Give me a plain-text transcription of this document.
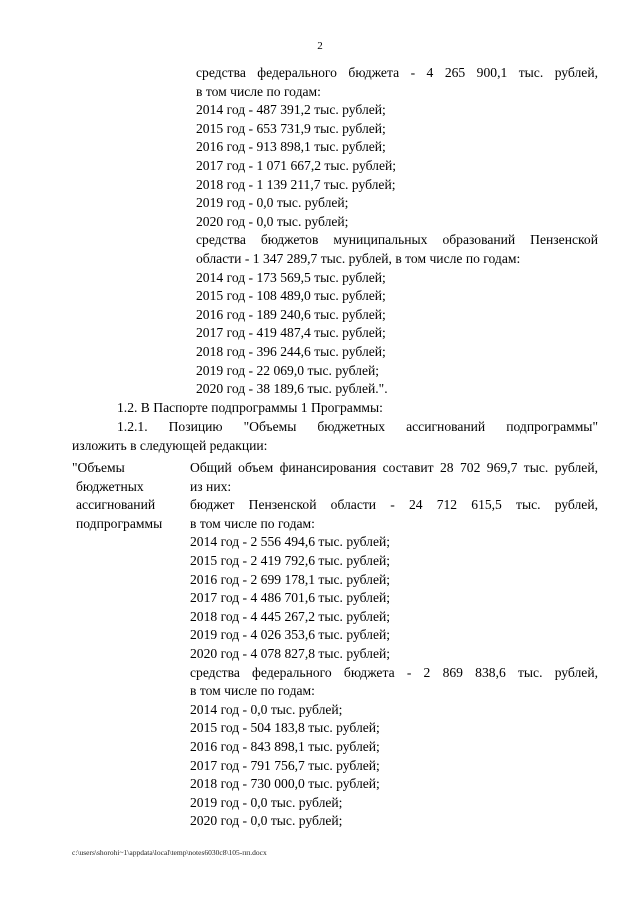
2
средства федерального бюджета - 4 265 900,1 тыс. рублей,
в том числе по годам:
2014 год - 487 391,2 тыс. рублей;
2015 год - 653 731,9 тыс. рублей;
2016 год - 913 898,1 тыс. рублей;
2017 год - 1 071 667,2 тыс. рублей;
2018 год - 1 139 211,7 тыс. рублей;
2019 год - 0,0 тыс. рублей;
2020 год - 0,0 тыс. рублей;
средства бюджетов муниципальных образований Пензенской
области - 1 347 289,7 тыс. рублей, в том числе по годам:
2014 год - 173 569,5 тыс. рублей;
2015 год - 108 489,0 тыс. рублей;
2016 год - 189 240,6 тыс. рублей;
2017 год - 419 487,4 тыс. рублей;
2018 год - 396 244,6 тыс. рублей;
2019 год - 22 069,0 тыс. рублей;
2020 год - 38 189,6 тыс. рублей.".
1.2. В Паспорте подпрограммы 1 Программы:
1.2.1. Позицию "Объемы бюджетных ассигнований подпрограммы"
изложить в следующей редакции:
"Объемы
бюджетных
ассигнований
подпрограммы
Общий объем финансирования составит 28 702 969,7 тыс. рублей,
из них:
бюджет Пензенской области - 24 712 615,5 тыс. рублей,
в том числе по годам:
2014 год - 2 556 494,6 тыс. рублей;
2015 год - 2 419 792,6 тыс. рублей;
2016 год - 2 699 178,1 тыс. рублей;
2017 год - 4 486 701,6 тыс. рублей;
2018 год - 4 445 267,2 тыс. рублей;
2019 год - 4 026 353,6 тыс. рублей;
2020 год - 4 078 827,8 тыс. рублей;
средства федерального бюджета - 2 869 838,6 тыс. рублей,
в том числе по годам:
2014 год - 0,0 тыс. рублей;
2015 год - 504 183,8 тыс. рублей;
2016 год - 843 898,1 тыс. рублей;
2017 год - 791 756,7 тыс. рублей;
2018 год - 730 000,0 тыс. рублей;
2019 год - 0,0 тыс. рублей;
2020 год - 0,0 тыс. рублей;
c:\users\shorohi~1\appdata\local\temp\notes6030c8\105-пп.docx
